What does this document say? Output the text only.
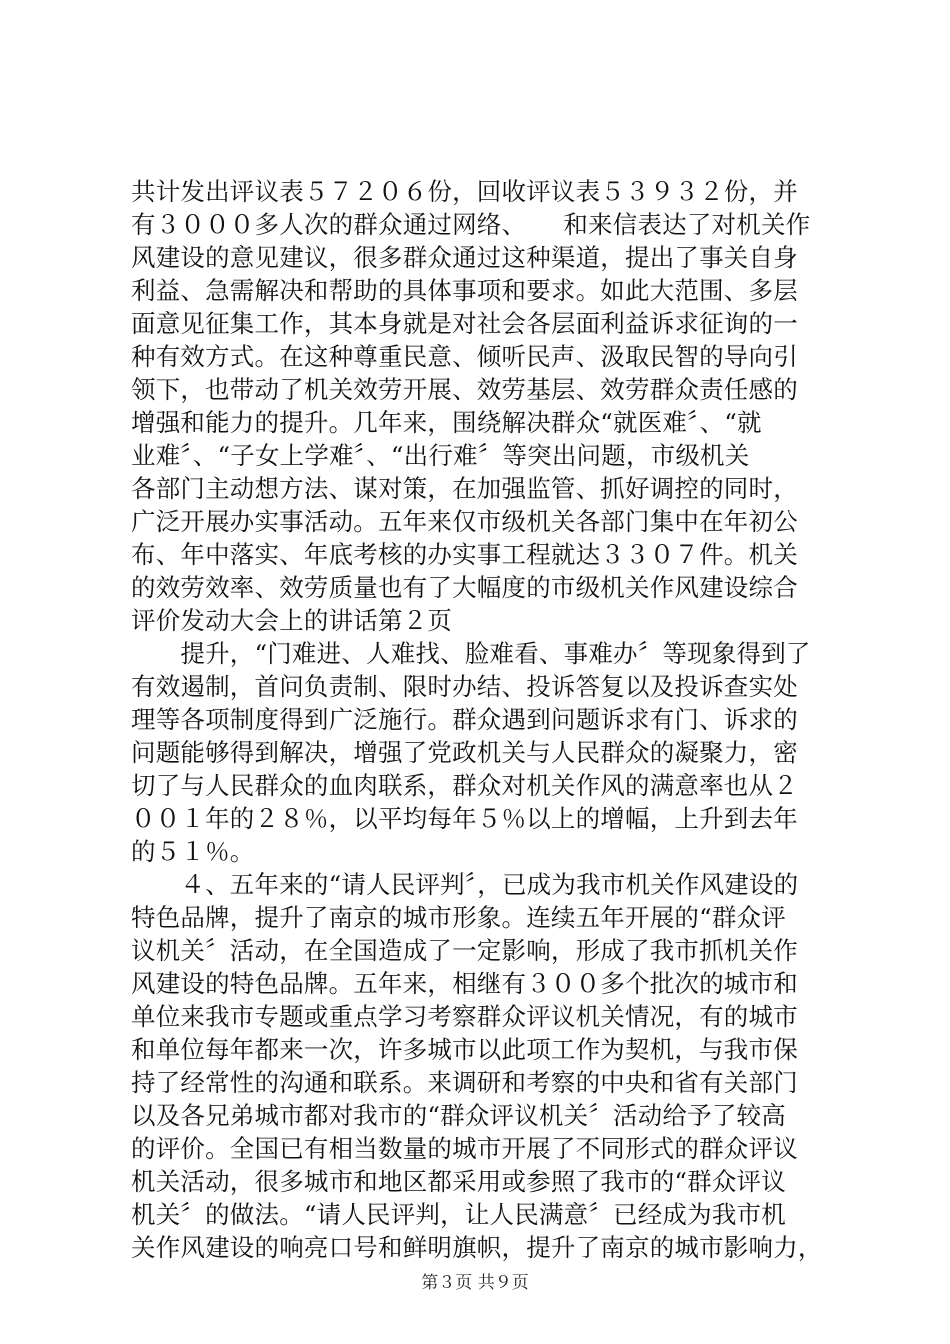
共计发出评议表５７２０６份，回收评议表５３９３２份，并
有３０００多人次的群众通过网络、　　和来信表达了对机关作
风建设的意见建议，很多群众通过这种渠道，提出了事关自身
利益、急需解决和帮助的具体事项和要求。如此大范围、多层
面意见征集工作，其本身就是对社会各层面利益诉求征询的一
种有效方式。在这种尊重民意、倾听民声、汲取民智的导向引
领下，也带动了机关效劳开展、效劳基层、效劳群众责任感的
增强和能力的提升。几年来，围绕解决群众“就医难〞、“就
业难〞、“子女上学难〞、“出行难〞等突出问题，市级机关
各部门主动想方法、谋对策，在加强监管、抓好调控的同时，
广泛开展办实事活动。五年来仅市级机关各部门集中在年初公
布、年中落实、年底考核的办实事工程就达３３０７件。机关
的效劳效率、效劳质量也有了大幅度的市级机关作风建设综合
评价发动大会上的讲话第２页
　　提升，“门难进、人难找、脸难看、事难办〞等现象得到了
有效遏制，首问负责制、限时办结、投诉答复以及投诉查实处
理等各项制度得到广泛施行。群众遇到问题诉求有门、诉求的
问题能够得到解决，增强了党政机关与人民群众的凝聚力，密
切了与人民群众的血肉联系，群众对机关作风的满意率也从２
００１年的２８％，以平均每年５％以上的增幅，上升到去年
的５１％。
　　４、五年来的“请人民评判〞，已成为我市机关作风建设的
特色品牌，提升了南京的城市形象。连续五年开展的“群众评
议机关〞活动，在全国造成了一定影响，形成了我市抓机关作
风建设的特色品牌。五年来，相继有３００多个批次的城市和
单位来我市专题或重点学习考察群众评议机关情况，有的城市
和单位每年都来一次，许多城市以此项工作为契机，与我市保
持了经常性的沟通和联系。来调研和考察的中央和省有关部门
以及各兄弟城市都对我市的“群众评议机关〞活动给予了较高
的评价。全国已有相当数量的城市开展了不同形式的群众评议
机关活动，很多城市和地区都采用或参照了我市的“群众评议
机关〞的做法。“请人民评判，让人民满意〞已经成为我市机
关作风建设的响亮口号和鲜明旗帜，提升了南京的城市影响力，
第３页 共９页
